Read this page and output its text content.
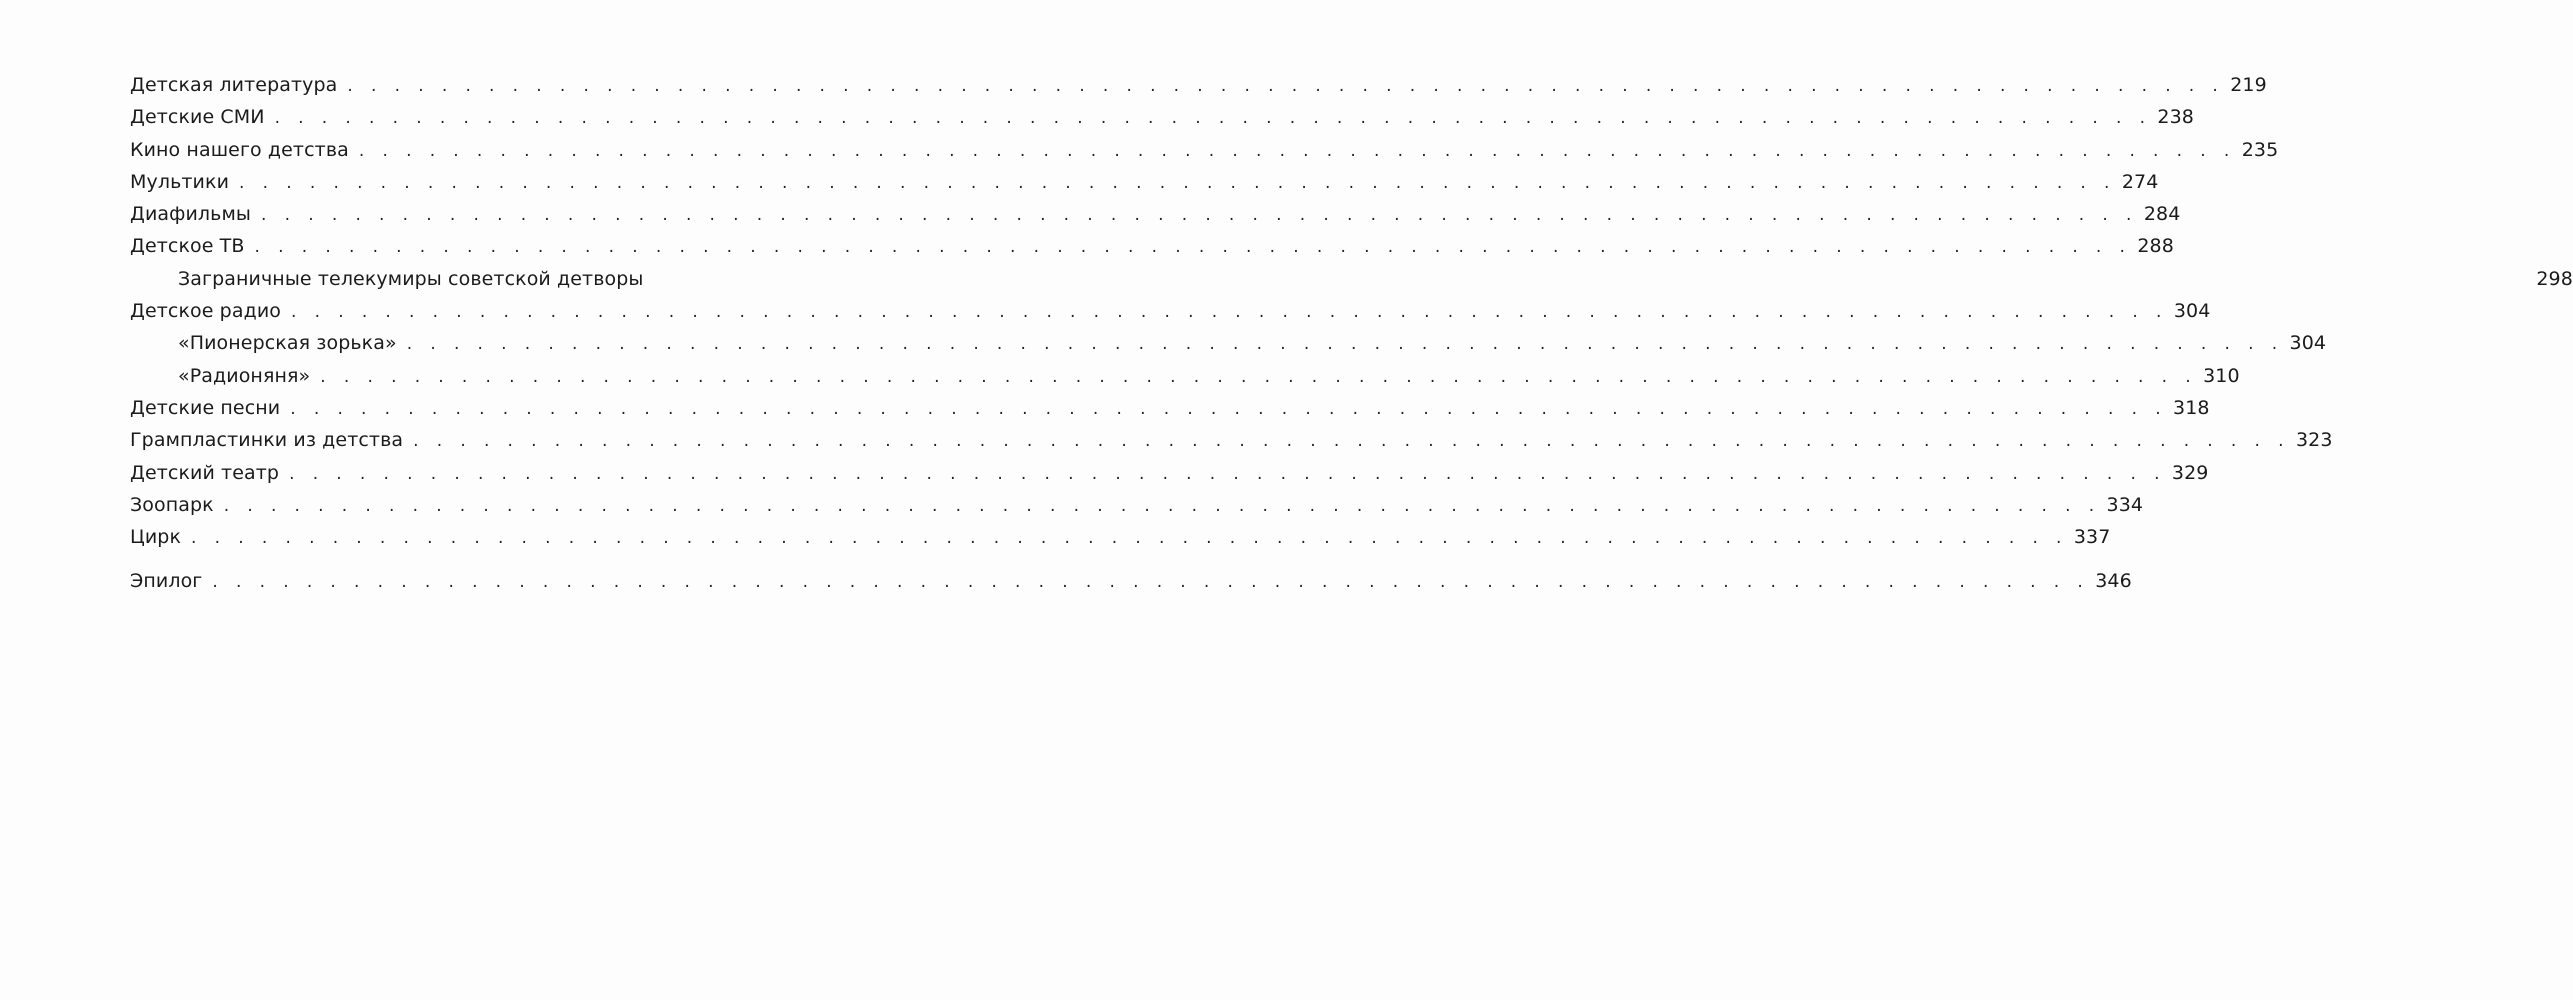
Детская литература . . . . . . . . . . . . . . . . . . . . . . . . . . . . . . . . . . . . . . . . . . . . . . . . . . . . . . . . . . . . . . . . . . . . . . . . . . . . . . . . 219
Детские СМИ . . . . . . . . . . . . . . . . . . . . . . . . . . . . . . . . . . . . . . . . . . . . . . . . . . . . . . . . . . . . . . . . . . . . . . . . . . . . . . . . 238
Кино нашего детства . . . . . . . . . . . . . . . . . . . . . . . . . . . . . . . . . . . . . . . . . . . . . . . . . . . . . . . . . . . . . . . . . . . . . . . . . . . . . . . . 235
Мультики . . . . . . . . . . . . . . . . . . . . . . . . . . . . . . . . . . . . . . . . . . . . . . . . . . . . . . . . . . . . . . . . . . . . . . . . . . . . . . . . 274
Диафильмы . . . . . . . . . . . . . . . . . . . . . . . . . . . . . . . . . . . . . . . . . . . . . . . . . . . . . . . . . . . . . . . . . . . . . . . . . . . . . . . . 284
Детское ТВ . . . . . . . . . . . . . . . . . . . . . . . . . . . . . . . . . . . . . . . . . . . . . . . . . . . . . . . . . . . . . . . . . . . . . . . . . . . . . . . . 288
Заграничные телекумиры советской детворы	298
Детское радио . . . . . . . . . . . . . . . . . . . . . . . . . . . . . . . . . . . . . . . . . . . . . . . . . . . . . . . . . . . . . . . . . . . . . . . . . . . . . . . . 304
«Пионерская зорька» . . . . . . . . . . . . . . . . . . . . . . . . . . . . . . . . . . . . . . . . . . . . . . . . . . . . . . . . . . . . . . . . . . . . . . . . . . . . . . . . 304
«Радионяня» . . . . . . . . . . . . . . . . . . . . . . . . . . . . . . . . . . . . . . . . . . . . . . . . . . . . . . . . . . . . . . . . . . . . . . . . . . . . . . . . 310
Детские песни . . . . . . . . . . . . . . . . . . . . . . . . . . . . . . . . . . . . . . . . . . . . . . . . . . . . . . . . . . . . . . . . . . . . . . . . . . . . . . . . 318
Грампластинки из детства . . . . . . . . . . . . . . . . . . . . . . . . . . . . . . . . . . . . . . . . . . . . . . . . . . . . . . . . . . . . . . . . . . . . . . . . . . . . . . . . 323
Детский театр . . . . . . . . . . . . . . . . . . . . . . . . . . . . . . . . . . . . . . . . . . . . . . . . . . . . . . . . . . . . . . . . . . . . . . . . . . . . . . . . 329
Зоопарк . . . . . . . . . . . . . . . . . . . . . . . . . . . . . . . . . . . . . . . . . . . . . . . . . . . . . . . . . . . . . . . . . . . . . . . . . . . . . . . . 334
Цирк . . . . . . . . . . . . . . . . . . . . . . . . . . . . . . . . . . . . . . . . . . . . . . . . . . . . . . . . . . . . . . . . . . . . . . . . . . . . . . . . 337
Эпилог . . . . . . . . . . . . . . . . . . . . . . . . . . . . . . . . . . . . . . . . . . . . . . . . . . . . . . . . . . . . . . . . . . . . . . . . . . . . . . . . 346
